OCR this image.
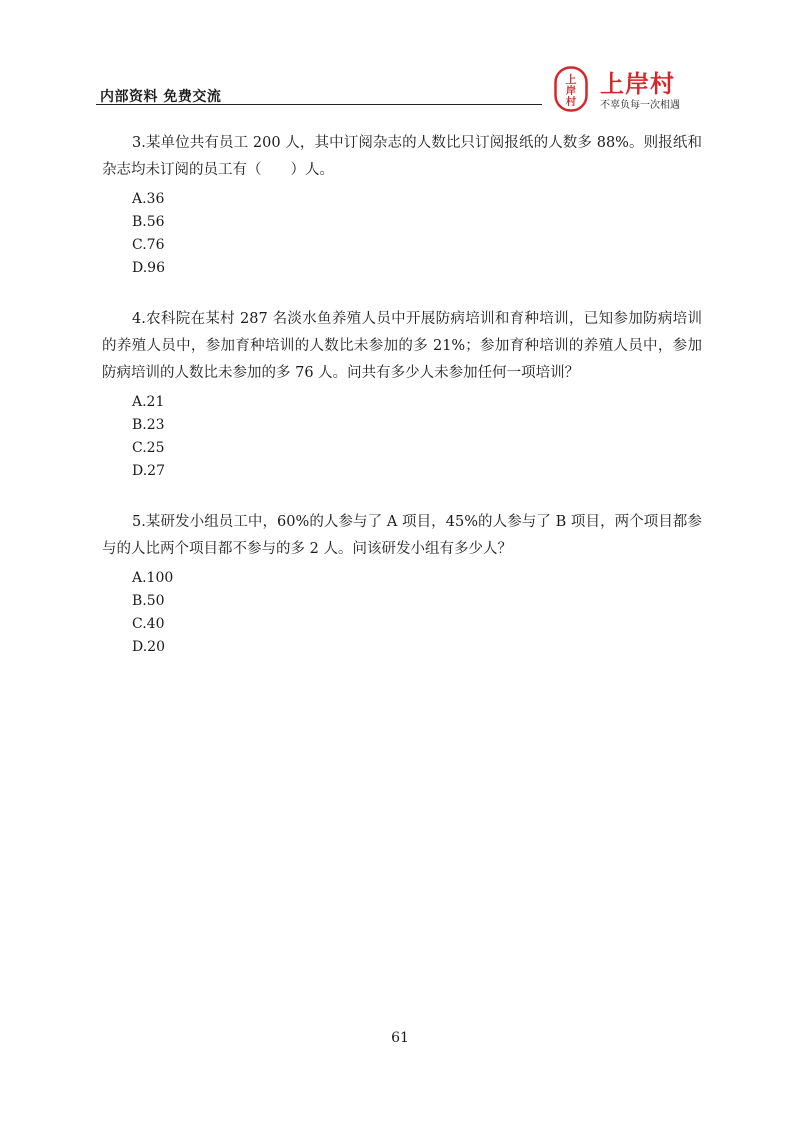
内部资料 免费交流
上
岸
村
上岸村
不辜负每一次相遇

3.某单位共有员工 200 人，其中订阅杂志的人数比只订阅报纸的人数多 88%。则报纸和杂志均未订阅的员工有（　　）人。

A.36
B.56
C.76
D.96

4.农科院在某村 287 名淡水鱼养殖人员中开展防病培训和育种培训，已知参加防病培训的养殖人员中，参加育种培训的人数比未参加的多 21%；参加育种培训的养殖人员中，参加防病培训的人数比未参加的多 76 人。问共有多少人未参加任何一项培训？

A.21
B.23
C.25
D.27

5.某研发小组员工中，60%的人参与了 A 项目，45%的人参与了 B 项目，两个项目都参与的人比两个项目都不参与的多 2 人。问该研发小组有多少人？

A.100
B.50
C.40
D.20
61
